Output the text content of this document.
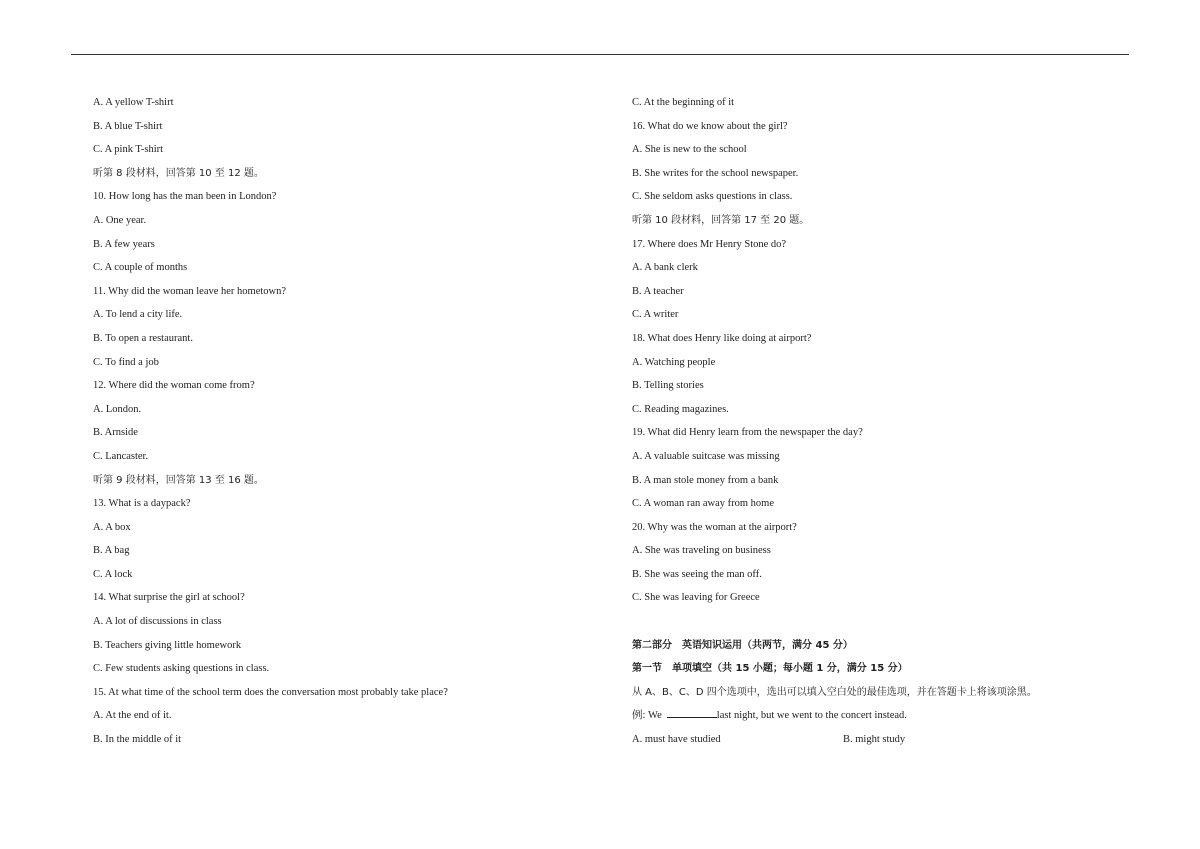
A. A yellow T-shirt
B. A blue T-shirt
C. A pink T-shirt
听第 8 段材料，回答第 10 至 12 题。
10. How long has the man been in London?
A. One year.
B. A few years
C. A couple of months
11. Why did the woman leave her hometown?
A. To lend a city life.
B. To open a restaurant.
C. To find a job
12. Where did the woman come from?
A. London.
B. Arnside
C. Lancaster.
听第 9 段材料，回答第 13 至 16 题。
13. What is a daypack?
A. A box
B. A bag
C. A lock
14. What surprise the girl at school?
A. A lot of discussions in class
B. Teachers giving little homework
C. Few students asking questions in class.
15. At what time of the school term does the conversation most probably take place?
A. At the end of it.
B. In the middle of it
C. At the beginning of it
16. What do we know about the girl?
A. She is new to the school
B. She writes for the school newspaper.
C. She seldom asks questions in class.
听第 10 段材料，回答第 17 至 20 题。
17. Where does Mr Henry Stone do?
A. A bank clerk
B. A teacher
C. A writer
18. What does Henry like doing at airport?
A. Watching people
B. Telling stories
C. Reading magazines.
19. What did Henry learn from the newspaper the day?
A. A valuable suitcase was missing
B. A man stole money from a bank
C. A woman ran away from home
20. Why was the woman at the airport?
A. She was traveling on business
B. She was seeing the man off.
C. She was leaving for Greece
第二部分　英语知识运用（共两节，满分 45 分）
第一节　单项填空（共 15 小题；每小题 1 分，满分 15 分）
从 A、B、C、D 四个选项中，选出可以填入空白处的最佳选项，并在答题卡上将该项涂黑。
例: We	last night, but we went to the concert instead.
A. must have studied	B. might study
